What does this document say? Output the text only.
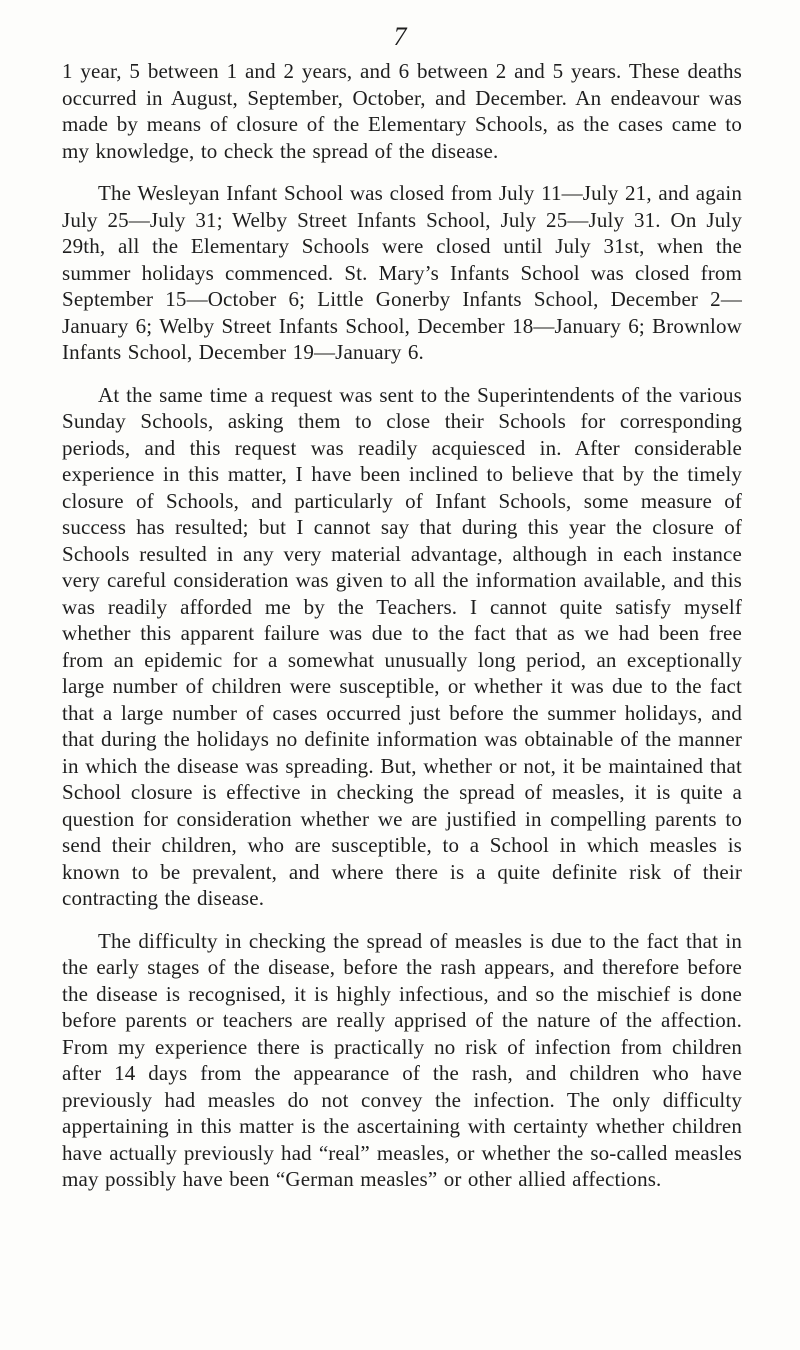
7

1 year, 5 between 1 and 2 years, and 6 between 2 and 5 years. These deaths occurred in August, September, October, and December. An endeavour was made by means of closure of the Elementary Schools, as the cases came to my knowledge, to check the spread of the disease.

The Wesleyan Infant School was closed from July 11—July 21, and again July 25—July 31; Welby Street Infants School, July 25—July 31. On July 29th, all the Elementary Schools were closed until July 31st, when the summer holidays commenced. St. Mary’s Infants School was closed from September 15—October 6; Little Gonerby Infants School, December 2—January 6; Welby Street Infants School, December 18—January 6; Brownlow Infants School, December 19—January 6.

At the same time a request was sent to the Superintendents of the various Sunday Schools, asking them to close their Schools for corresponding periods, and this request was readily acquiesced in. After considerable experience in this matter, I have been inclined to believe that by the timely closure of Schools, and particularly of Infant Schools, some measure of success has resulted; but I cannot say that during this year the closure of Schools resulted in any very material advantage, although in each instance very careful consideration was given to all the information available, and this was readily afforded me by the Teachers. I cannot quite satisfy myself whether this apparent failure was due to the fact that as we had been free from an epidemic for a somewhat unusually long period, an exceptionally large number of children were susceptible, or whether it was due to the fact that a large number of cases occurred just before the summer holidays, and that during the holidays no definite information was obtainable of the manner in which the disease was spreading. But, whether or not, it be maintained that School closure is effective in checking the spread of measles, it is quite a question for consideration whether we are justified in compelling parents to send their children, who are susceptible, to a School in which measles is known to be prevalent, and where there is a quite definite risk of their contracting the disease.

The difficulty in checking the spread of measles is due to the fact that in the early stages of the disease, before the rash appears, and therefore before the disease is recognised, it is highly infectious, and so the mischief is done before parents or teachers are really apprised of the nature of the affection. From my experience there is practically no risk of infection from children after 14 days from the appearance of the rash, and children who have previously had measles do not convey the infection. The only difficulty appertaining in this matter is the ascertaining with certainty whether children have actually previously had “real” measles, or whether the so-called measles may possibly have been “German measles” or other allied affections.
